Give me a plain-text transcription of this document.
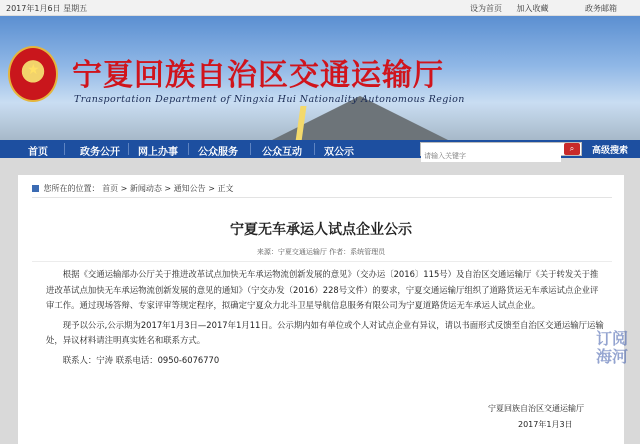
2017年1月6日 星期五	设为首页 加入收藏	政务邮箱
★ 宁夏回族自治区交通运输厅
Transportation Department of Ningxia Hui Nationality Autonomous Region
首页	政务公开 网上办事 公众服务 公众互动 双公示
请输入关键字	⌕	高级搜索
您所在的位置： 首页 > 新闻动态 > 通知公告 > 正文
宁夏无车承运人试点企业公示
来源：宁夏交通运输厅 作者：系统管理员

根据《交通运输部办公厅关于推进改革试点加快无车承运物流创新发展的意见》（交办运〔2016〕115号）及自治区交通运输厅《关于转发关于推进改革试点加快无车承运物流创新发展的意见的通知》（宁交办发（2016）228号文件）的要求，宁夏交通运输厅组织了道路货运无车承运试点企业评审工作。通过现场答辩、专家评审等规定程序，拟确定宁夏众力北斗卫星导航信息服务有限公司为宁夏道路货运无车承运人试点企业。

现予以公示,公示期为2017年1月3日—2017年1月11日。公示期内如有单位或个人对试点企业有异议，请以书面形式反馈至自治区交通运输厅运输处，异议材料请注明真实姓名和联系方式。

联系人：宁涛 联系电话：0950-6076770

宁夏回族自治区交通运输厅
2017年1月3日
订阅海河
